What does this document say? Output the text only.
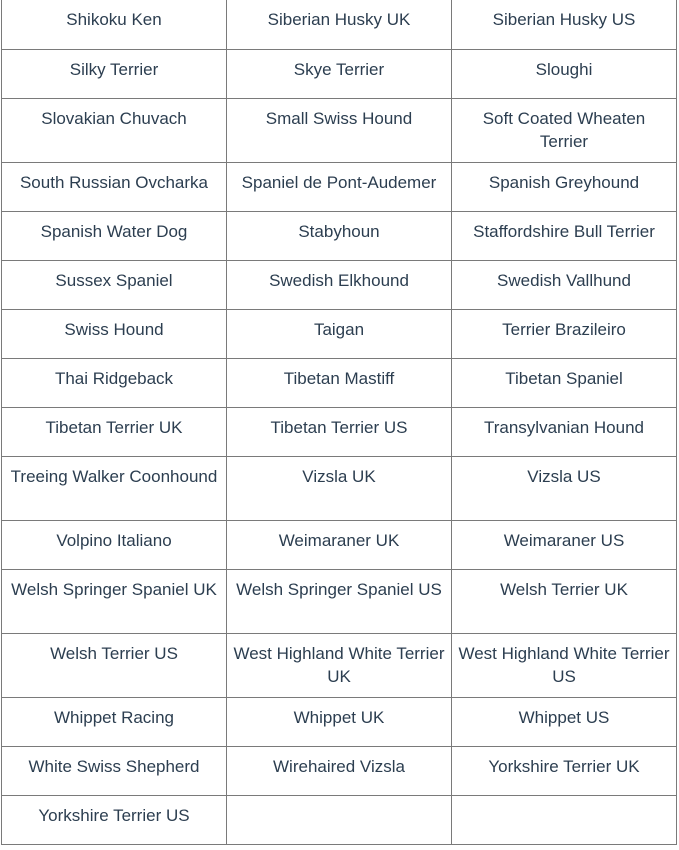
Shikoku Ken	Siberian Husky UK	Siberian Husky US
Silky Terrier	Skye Terrier	Sloughi
Slovakian Chuvach	Small Swiss Hound	Soft Coated Wheaten Terrier
South Russian Ovcharka	Spaniel de Pont-Audemer	Spanish Greyhound
Spanish Water Dog	Stabyhoun	Staffordshire Bull Terrier
Sussex Spaniel	Swedish Elkhound	Swedish Vallhund
Swiss Hound	Taigan	Terrier Brazileiro
Thai Ridgeback	Tibetan Mastiff	Tibetan Spaniel
Tibetan Terrier UK	Tibetan Terrier US	Transylvanian Hound
Treeing Walker Coonhound	Vizsla UK	Vizsla US
Volpino Italiano	Weimaraner UK	Weimaraner US
Welsh Springer Spaniel UK	Welsh Springer Spaniel US	Welsh Terrier UK
Welsh Terrier US	West Highland White Terrier UK	West Highland White Terrier US
Whippet Racing	Whippet UK	Whippet US
White Swiss Shepherd	Wirehaired Vizsla	Yorkshire Terrier UK
Yorkshire Terrier US		
